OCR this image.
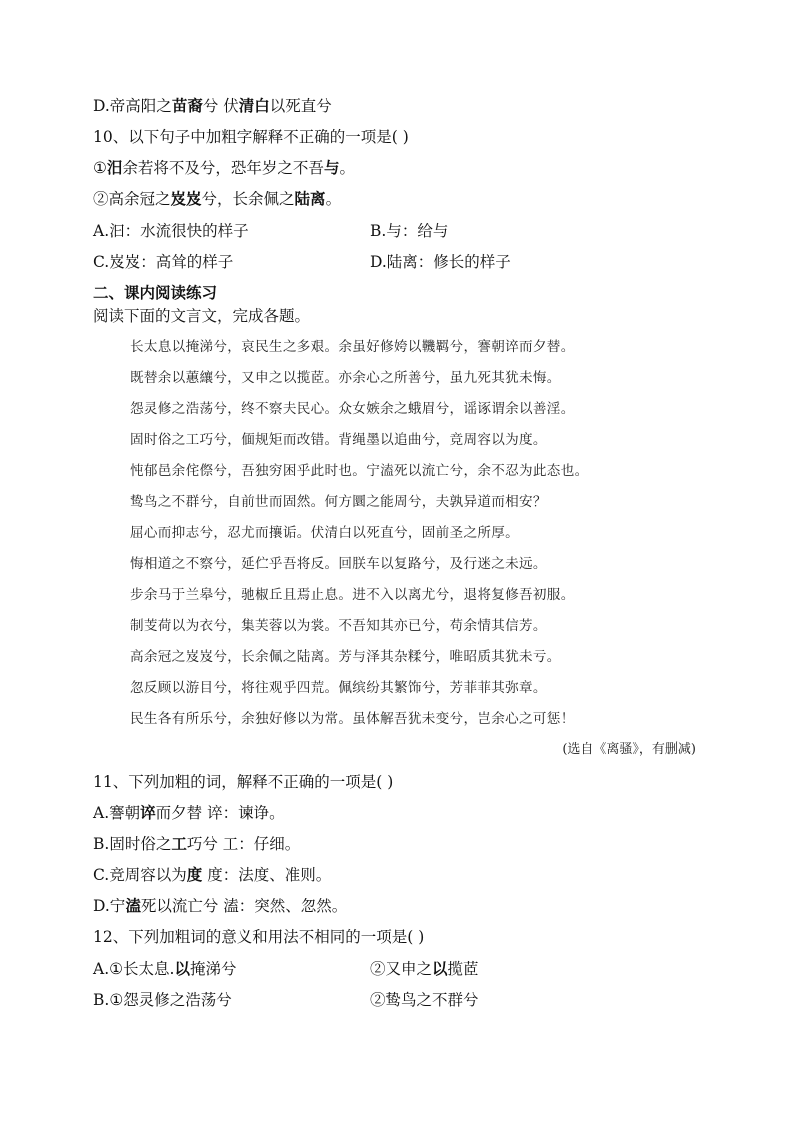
D.帝高阳之苗裔兮 伏清白以死直兮
10、以下句子中加粗字解释不正确的一项是( )
①汨余若将不及兮，恐年岁之不吾与。
②高余冠之岌岌兮，长余佩之陆离。
A.汩：水流很快的样子	B.与：给与
C.岌岌：高耸的样子	D.陆离：修长的样子
二、课内阅读练习
阅读下面的文言文，完成各题。
长太息以掩涕兮，哀民生之多艰。余虽好修姱以鞿羁兮，謇朝谇而夕替。
既替余以蕙纕兮，又申之以揽茝。亦余心之所善兮，虽九死其犹未悔。
怨灵修之浩荡兮，终不察夫民心。众女嫉余之蛾眉兮，谣诼谓余以善淫。
固时俗之工巧兮，偭规矩而改错。背绳墨以追曲兮，竞周容以为度。
忳郁邑余侘傺兮，吾独穷困乎此时也。宁溘死以流亡兮，余不忍为此态也。
鸷鸟之不群兮，自前世而固然。何方圜之能周兮，夫孰异道而相安？
屈心而抑志兮，忍尤而攘诟。伏清白以死直兮，固前圣之所厚。
悔相道之不察兮，延伫乎吾将反。回朕车以复路兮，及行迷之未远。
步余马于兰皋兮，驰椒丘且焉止息。进不入以离尤兮，退将复修吾初服。
制芰荷以为衣兮，集芙蓉以为裳。不吾知其亦已兮，苟余情其信芳。
高余冠之岌岌兮，长余佩之陆离。芳与泽其杂糅兮，唯昭质其犹未亏。
忽反顾以游目兮，将往观乎四荒。佩缤纷其繁饰兮，芳菲菲其弥章。
民生各有所乐兮，余独好修以为常。虽体解吾犹未变兮，岂余心之可惩！
(选自《离骚》，有删减)
11、下列加粗的词，解释不正确的一项是( )
A.謇朝谇而夕替 谇：谏诤。
B.固时俗之工巧兮 工：仔细。
C.竞周容以为度 度：法度、准则。
D.宁溘死以流亡兮 溘：突然、忽然。
12、下列加粗词的意义和用法不相同的一项是( )
A.①长太息.以掩涕兮	②又申之以揽茝
B.①怨灵修之浩荡兮	②鸷鸟之不群兮
